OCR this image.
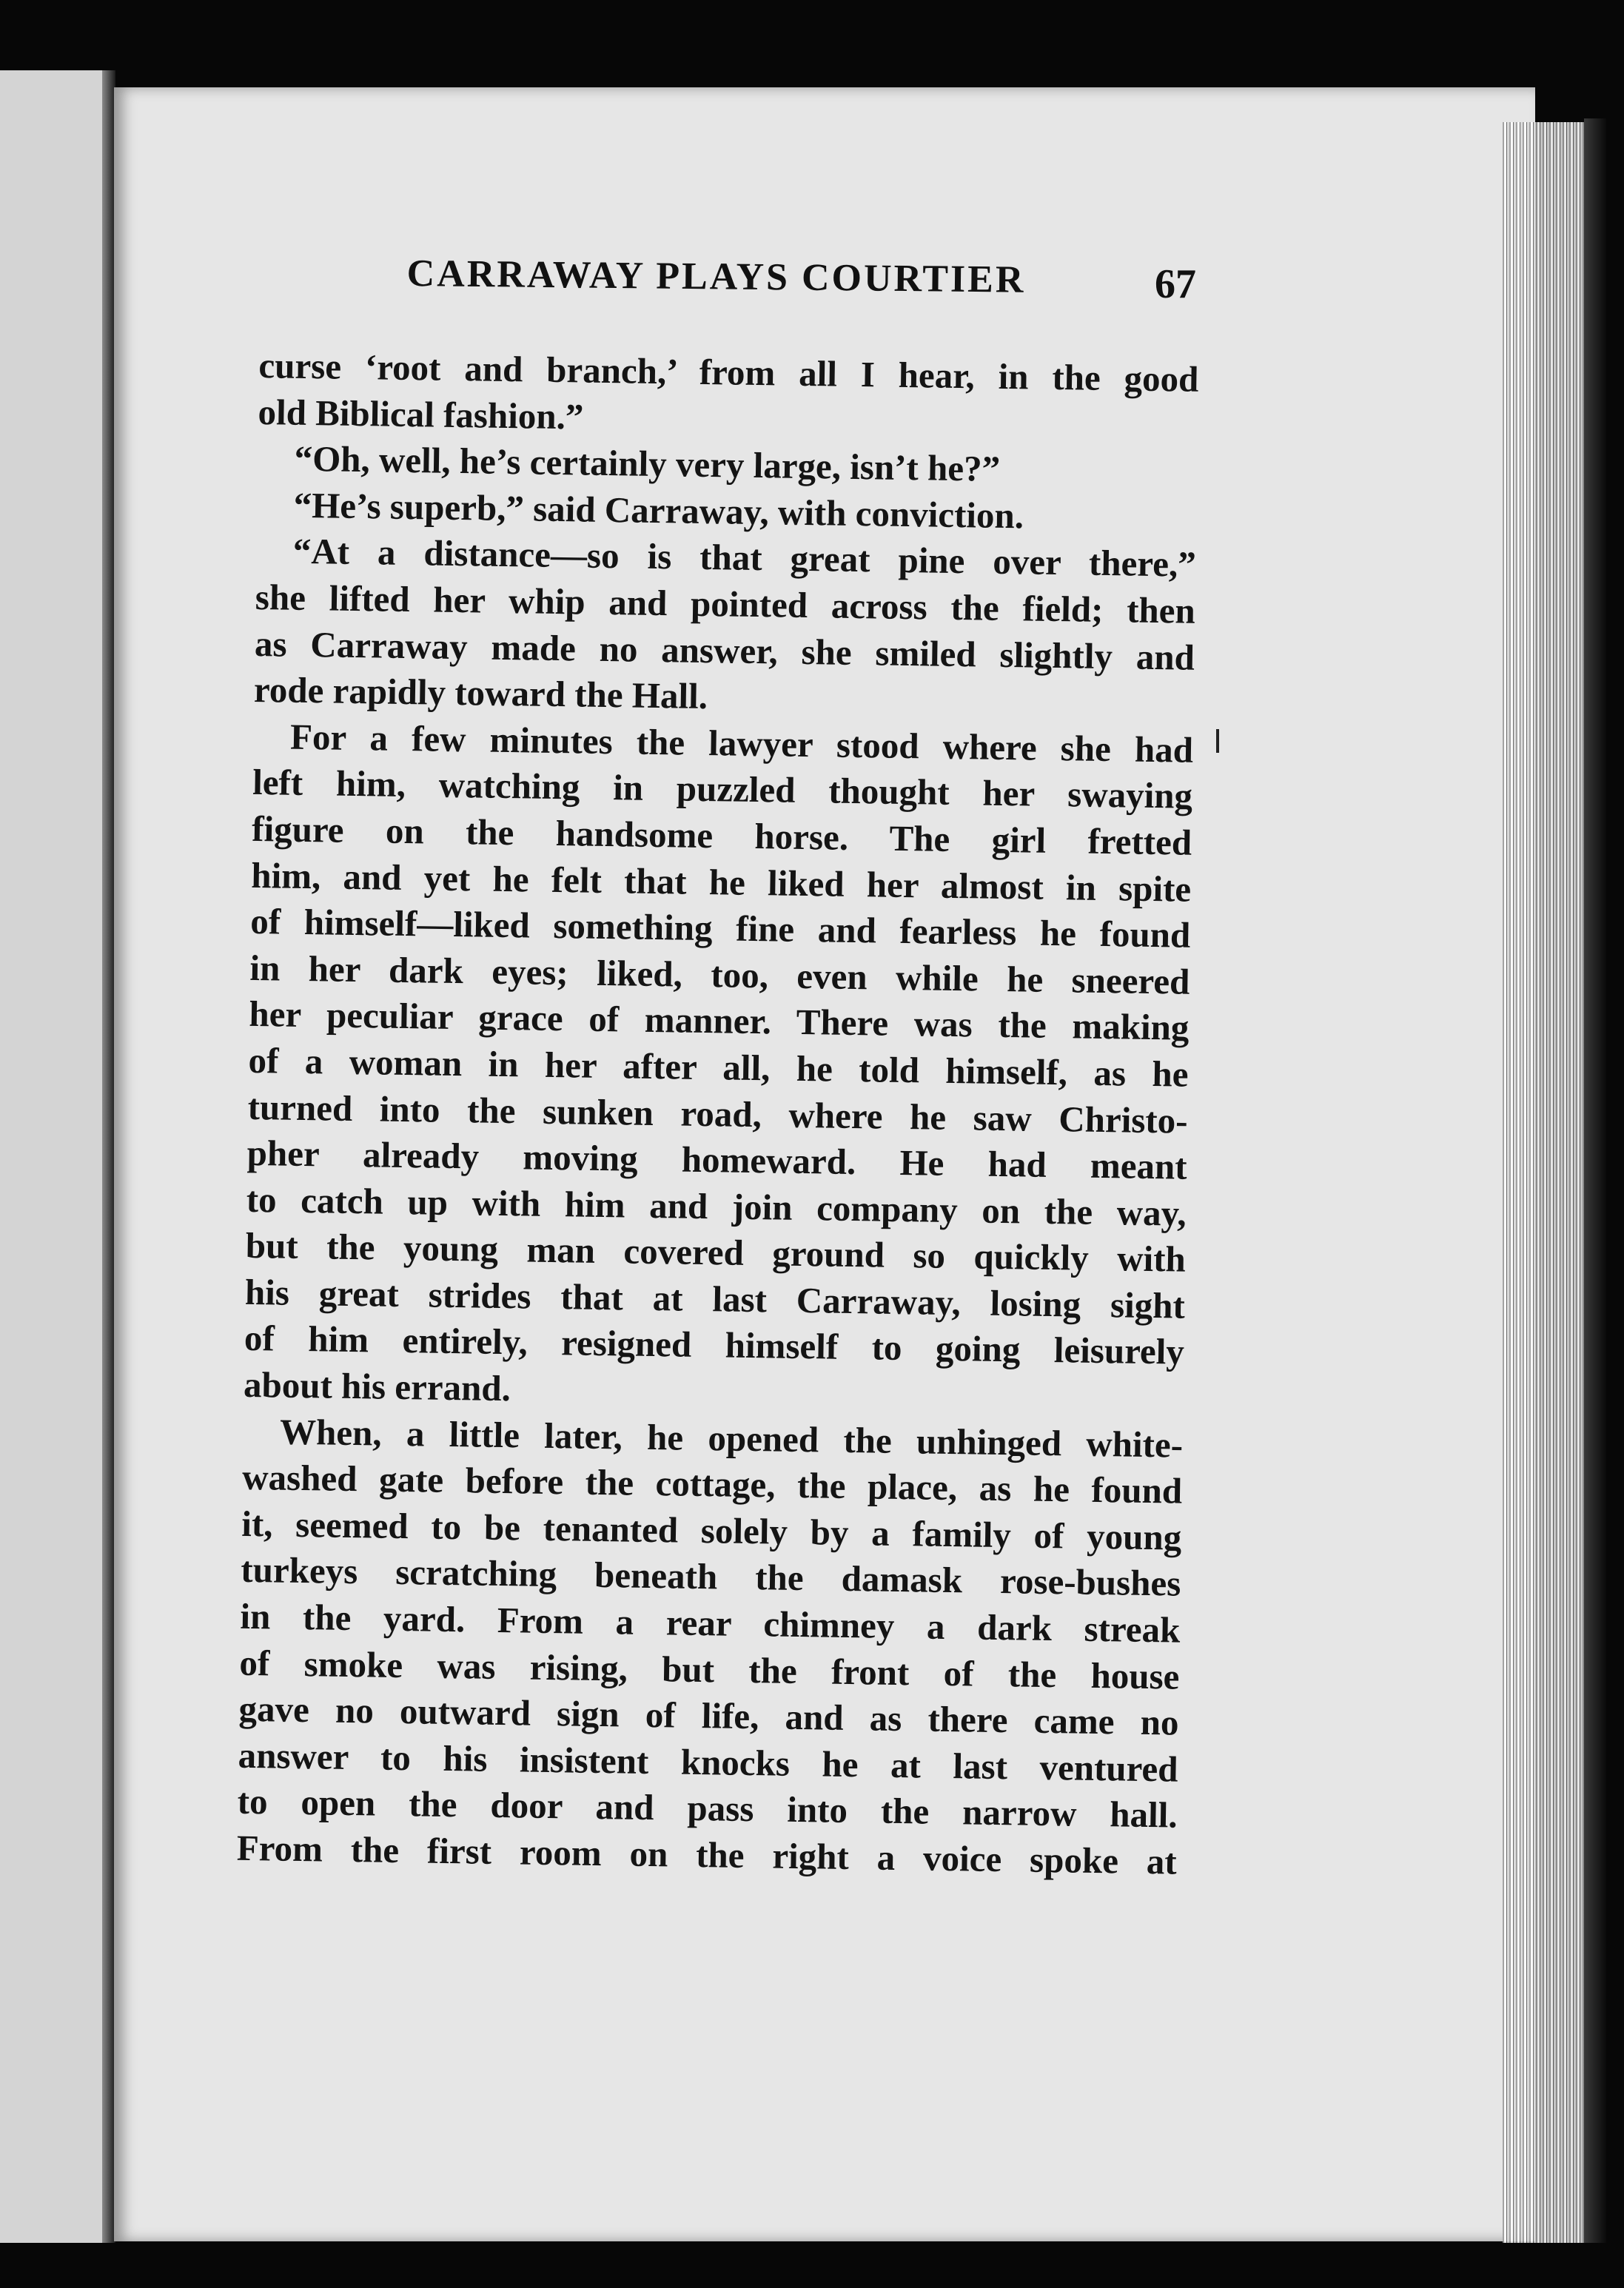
CARRAWAY PLAYS COURTIER	67
curse ‘root and branch,’ from all I hear, in the good
old Biblical fashion.”
“Oh, well, he’s certainly very large, isn’t he?”
“He’s superb,” said Carraway, with conviction.
“At a distance—so is that great pine over there,”
she lifted her whip and pointed across the field; then
as Carraway made no answer, she smiled slightly and
rode rapidly toward the Hall.
For a few minutes the lawyer stood where she had
left him, watching in puzzled thought her swaying
figure on the handsome horse. The girl fretted
him, and yet he felt that he liked her almost in spite
of himself—liked something fine and fearless he found
in her dark eyes; liked, too, even while he sneered
her peculiar grace of manner. There was the making
of a woman in her after all, he told himself, as he
turned into the sunken road, where he saw Christo-
pher already moving homeward. He had meant
to catch up with him and join company on the way,
but the young man covered ground so quickly with
his great strides that at last Carraway, losing sight
of him entirely, resigned himself to going leisurely
about his errand.
When, a little later, he opened the unhinged white-
washed gate before the cottage, the place, as he found
it, seemed to be tenanted solely by a family of young
turkeys scratching beneath the damask rose-bushes
in the yard. From a rear chimney a dark streak
of smoke was rising, but the front of the house
gave no outward sign of life, and as there came no
answer to his insistent knocks he at last ventured
to open the door and pass into the narrow hall.
From the first room on the right a voice spoke at
